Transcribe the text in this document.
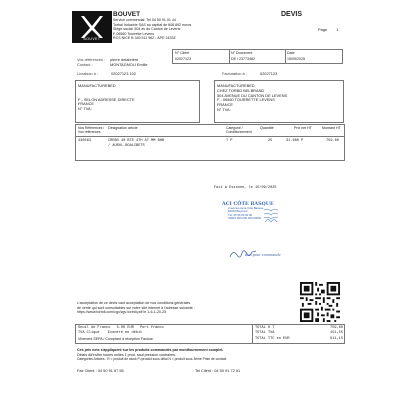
BOUVET
BOUVET
Service commercial: Tel 04 50 91 01 44
Torhal Industrie SAS au capital de 608 892 euros
Siège social: 504 av du Canton de Levens
F-06560 Tourrette Levens
RCS NICE B 340 511 962 - APE 2433Z
DEVIS
Page 1
N° Client	N° Document	Date
02027123	DE / 23773482	15/09/2025
Vos références :	pierre delabrière
Contact :	MONTAGNOLI Emilie
Livraison à :	02027123 102	Facturation à :	02027123
MANUFACTUREBED
F - SELON ADRESSE DIRECTE
FRANCE
N° TVA:
MANUFACTUREBED
CHEZ TORBD BELBRAND
504 AVENUE DU CANTON DE LEVENS
F - 06560 TOURRETTE LEVENS
FRANCE
N° TVA:
Nos Références / Vos références
Désignation article	Catégorie / Conditionnement
Quantité	Prix net HT	Montant HT
436563	CREBO 40 BTE 4TH AT MM BHB
/ AURUL-BOALIBETS
T P	25	31.680 P	759.60
Fait à Essonne, le 15/09/2025
ACI CÔTE BASQUE
2 avenue de la Côte Basque
64100 Bayonne
Tél. 05 59 00 00 00
SIRET 000 000 000 00000
Bon pour commande
L'acceptation de ce devis vaut acceptation de nos conditions générales
de vente qui sont consultables sur notre site internet à l'adresse suivante :
https://www.torbdi.com/cgv/cgv-torbdi.pdf le 1-6-1-20-25
Seuil de Franco 3.00 EUR Port franco
TVA Clique Exonéré en débit
Virement SEPA / Comptant à réception Facture
TOTAL H T	759,60
TOTAL TVA	151,55
TOTAL TTC en EUR	911,15
Ces prix nets s'appliquent sur les produits commandés par montfournement complet.
Délais dâ'inviter toutes unités 1 prod. sauf pression contraires.
Catégories Articles : R = produit de stock P=produit sous délai N = produit sous 3ème Prise de contact
Fax Client : 04 50 91 67 55	Tel Client : 04 50 91 72 51
